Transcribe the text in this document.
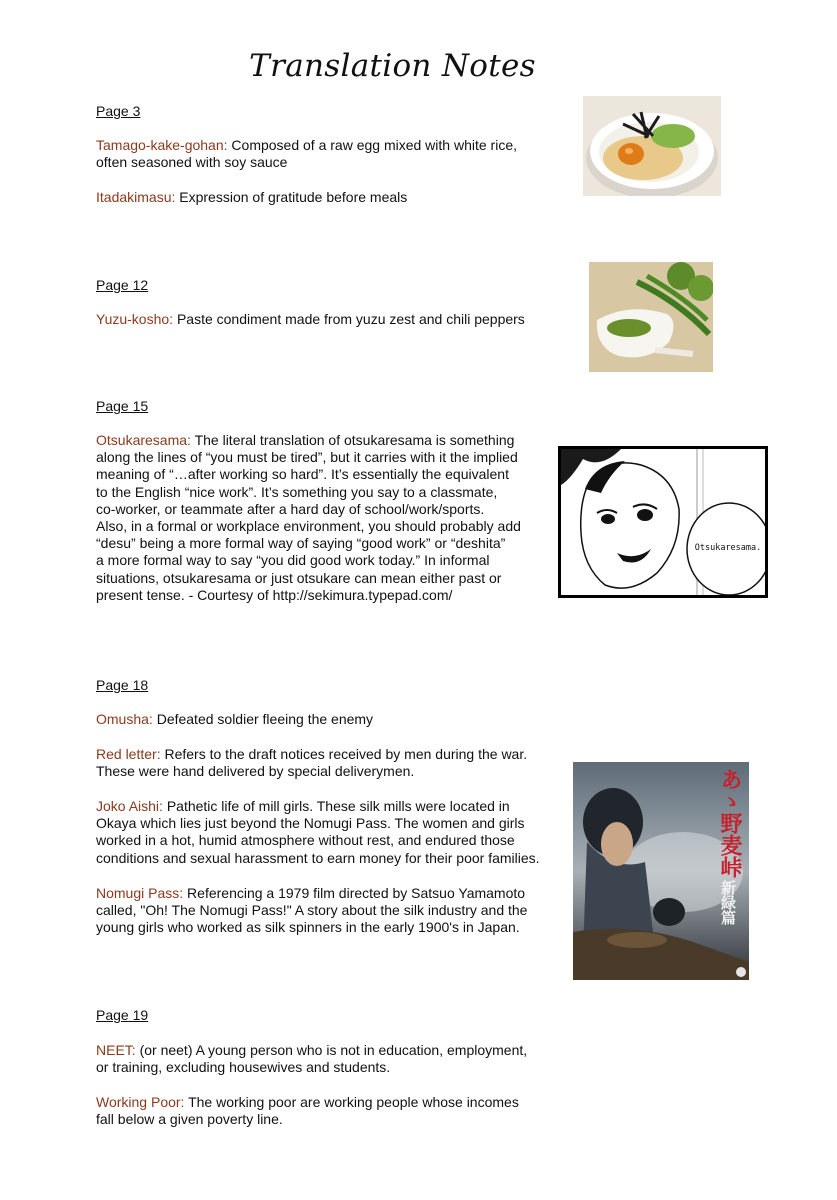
Translation Notes
Page 3
Tamago-kake-gohan: Composed of a raw egg mixed with white rice,
often seasoned with soy sauce
Itadakimasu: Expression of gratitude before meals
Page 12
Yuzu-kosho: Paste condiment made from yuzu zest and chili peppers
Page 15
Otsukaresama: The literal translation of otsukaresama is something
along the lines of “you must be tired”, but it carries with it the implied
meaning of “…after working so hard”. It’s essentially the equivalent
to the English “nice work”. It’s something you say to a classmate,
co-worker, or teammate after a hard day of school/work/sports.
Also, in a formal or workplace environment, you should probably add
“desu” being a more formal way of saying “good work” or “deshita”
a more formal way to say “you did good work today.” In informal
situations, otsukaresama or just otsukare can mean either past or
present tense. - Courtesy of http://sekimura.typepad.com/
Page 18
Omusha: Defeated soldier fleeing the enemy
Red letter: Refers to the draft notices received by men during the war.
These were hand delivered by special deliverymen.
Joko Aishi: Pathetic life of mill girls. These silk mills were located in
Okaya which lies just beyond the Nomugi Pass. The women and girls
worked in a hot, humid atmosphere without rest, and endured those
conditions and sexual harassment to earn money for their poor families.
Nomugi Pass: Referencing a 1979 film directed by Satsuo Yamamoto
called, "Oh! The Nomugi Pass!" A story about the silk industry and the
young girls who worked as silk spinners in the early 1900's in Japan.
Page 19
NEET: (or neet) A young person who is not in education, employment,
or training, excluding housewives and students.
Working Poor: The working poor are working people whose incomes
fall below a given poverty line.
Otsukaresama.
あゝ野麦峠
新緑篇
